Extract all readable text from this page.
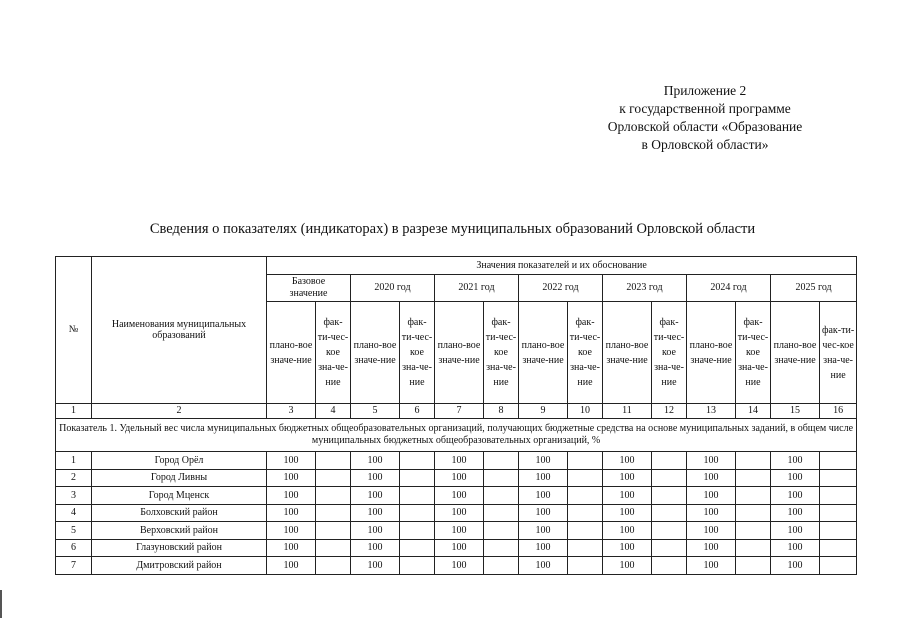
Приложение 2
к государственной программе
Орловской области «Образование
в Орловской области»
Сведения о показателях (индикаторах) в разрезе муниципальных образований Орловской области
№	Наименования муниципальных образований	Значения показателей и их обоснование													
		Базовое значение		2020 год		2021 год		2022 год		2023 год		2024 год		2025 год	
		плано-вое значе-ние	фак-ти-чес-кое зна-че-ние	плано-вое значе-ние	фак-ти-чес-кое зна-че-ние	плано-вое значе-ние	фак-ти-чес-кое зна-че-ние	плано-вое значе-ние	фак-ти-чес-кое зна-че-ние	плано-вое значе-ние	фак-ти-чес-кое зна-че-ние	плано-вое значе-ние	фак-ти-чес-кое зна-че-ние	плано-вое значе-ние	фак-ти-чес-кое зна-че-ние
1	2	3	4	5	6	7	8	9	10	11	12	13	14	15	16
Показатель 1. Удельный вес числа муниципальных бюджетных общеобразовательных организаций, получающих бюджетные средства на основе муниципальных заданий, в общем числе муниципальных бюджетных общеобразовательных организаций, %															
1	Город Орёл	100		100		100		100		100		100		100	
2	Город Ливны	100		100		100		100		100		100		100	
3	Город Мценск	100		100		100		100		100		100		100	
4	Болховский район	100		100		100		100		100		100		100	
5	Верховский район	100		100		100		100		100		100		100	
6	Глазуновский район	100		100		100		100		100		100		100	
7	Дмитровский район	100		100		100		100		100		100		100	
